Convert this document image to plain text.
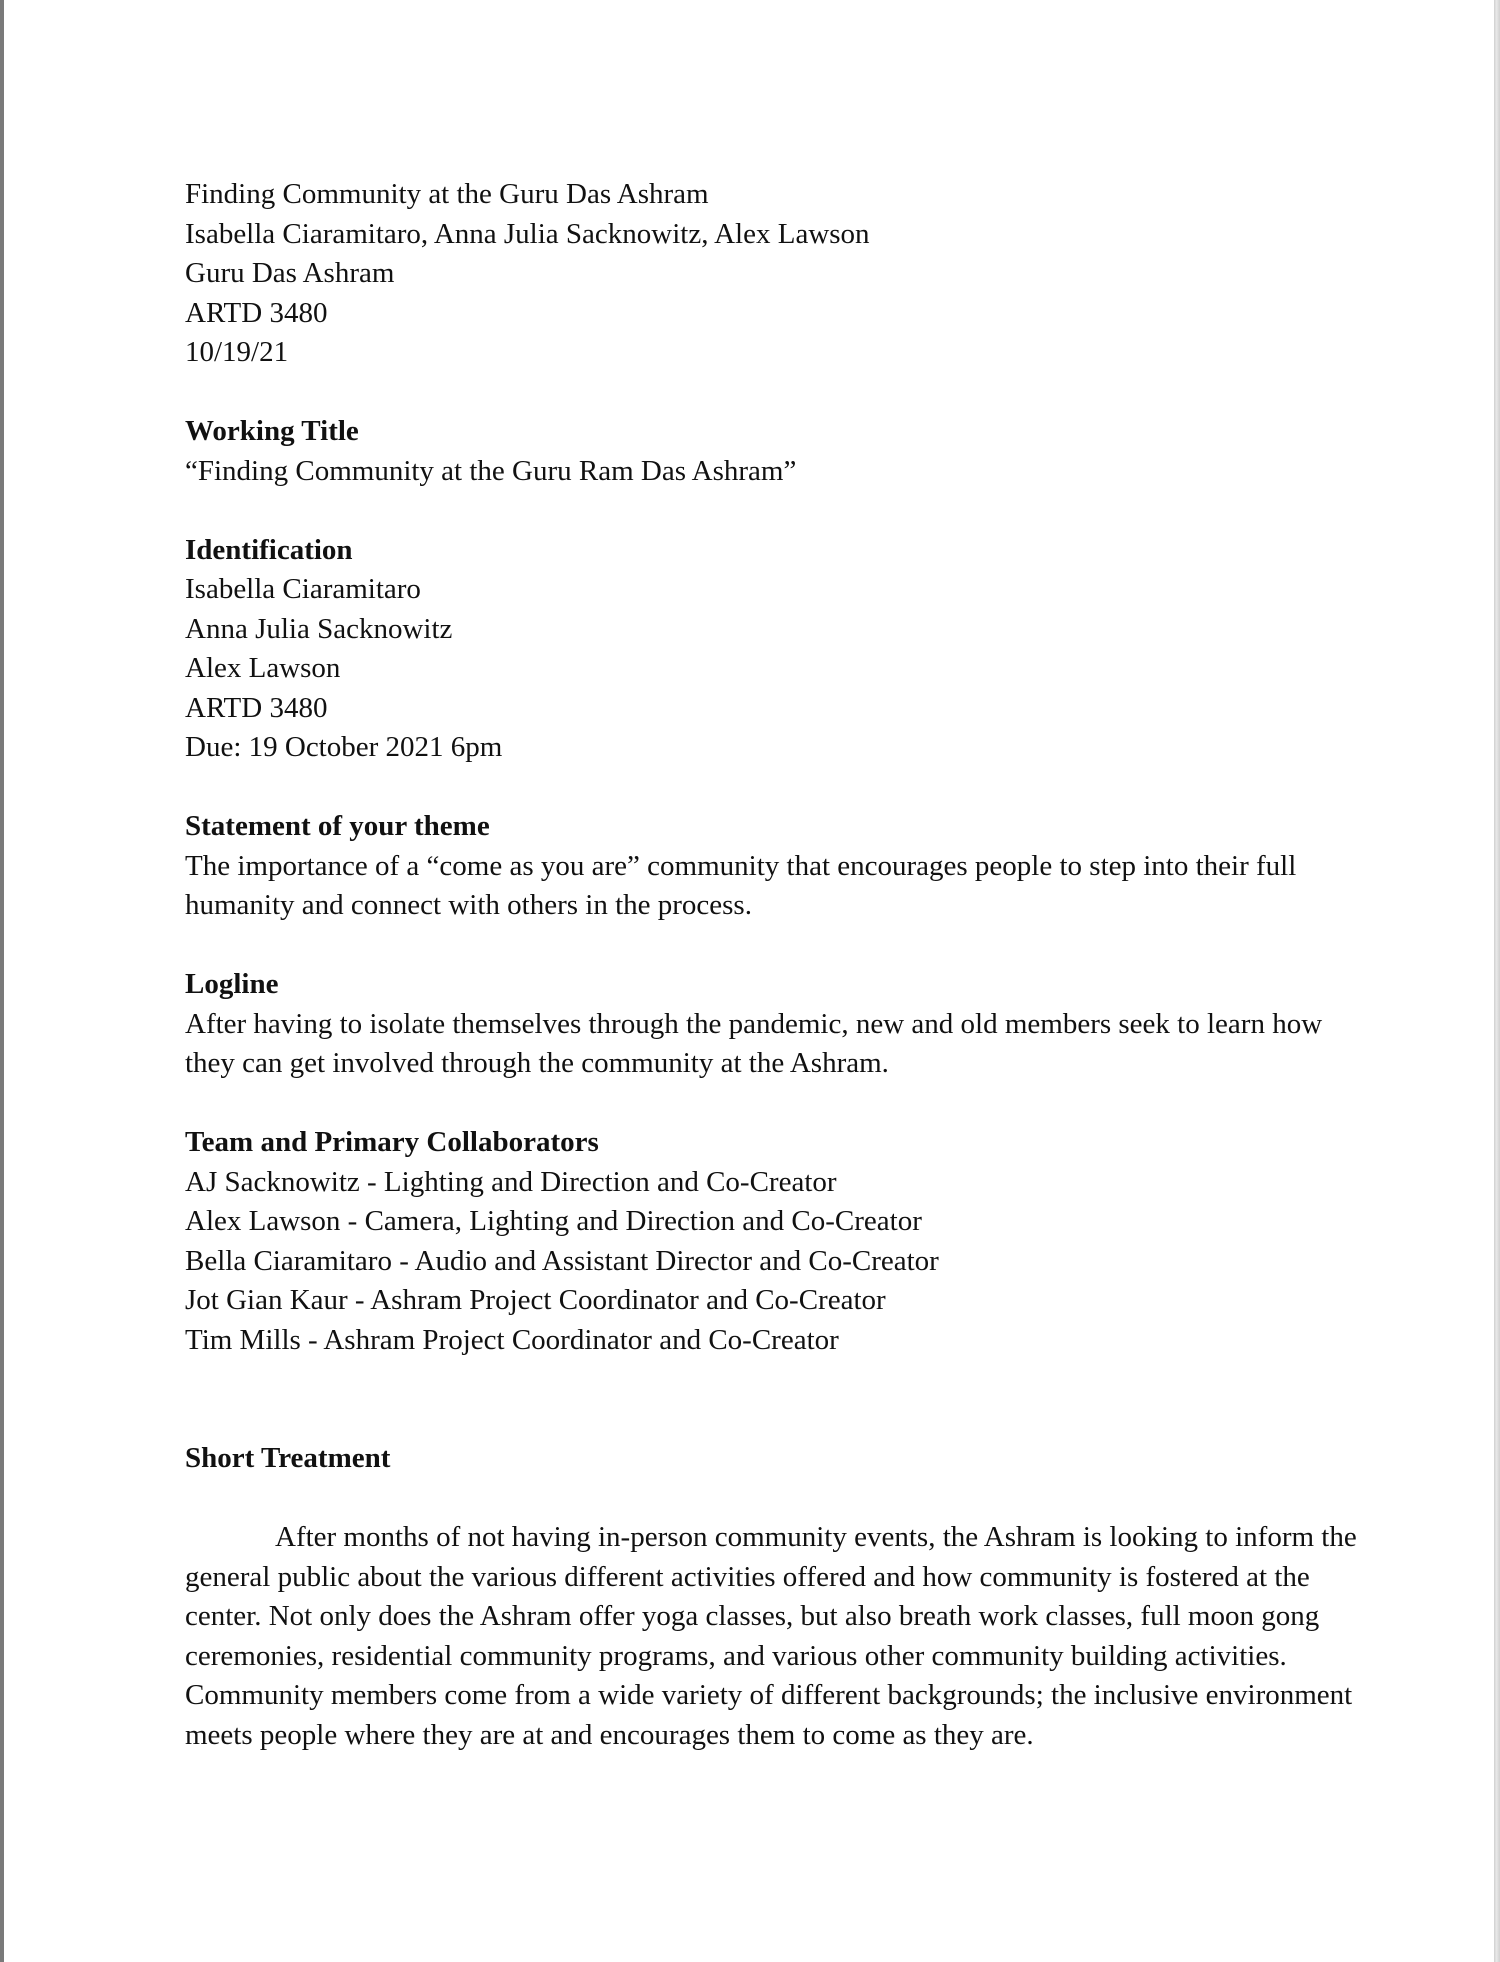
Finding Community at the Guru Das Ashram
Isabella Ciaramitaro, Anna Julia Sacknowitz, Alex Lawson
Guru Das Ashram
ARTD 3480
10/19/21
Working Title
“Finding Community at the Guru Ram Das Ashram”
Identification
Isabella Ciaramitaro
Anna Julia Sacknowitz
Alex Lawson
ARTD 3480
Due: 19 October 2021 6pm
Statement of your theme

The importance of a “come as you are” community that encourages people to step into their full humanity and connect with others in the process.

Logline

After having to isolate themselves through the pandemic, new and old members seek to learn how they can get involved through the community at the Ashram.

Team and Primary Collaborators
AJ Sacknowitz - Lighting and Direction and Co-Creator
Alex Lawson - Camera, Lighting and Direction and Co-Creator
Bella Ciaramitaro - Audio and Assistant Director and Co-Creator
Jot Gian Kaur - Ashram Project Coordinator and Co-Creator
Tim Mills - Ashram Project Coordinator and Co-Creator
Short Treatment

After months of not having in-person community events, the Ashram is looking to inform the general public about the various different activities offered and how community is fostered at the center. Not only does the Ashram offer yoga classes, but also breath work classes, full moon gong ceremonies, residential community programs, and various other community building activities. Community members come from a wide variety of different backgrounds; the inclusive environment meets people where they are at and encourages them to come as they are.
